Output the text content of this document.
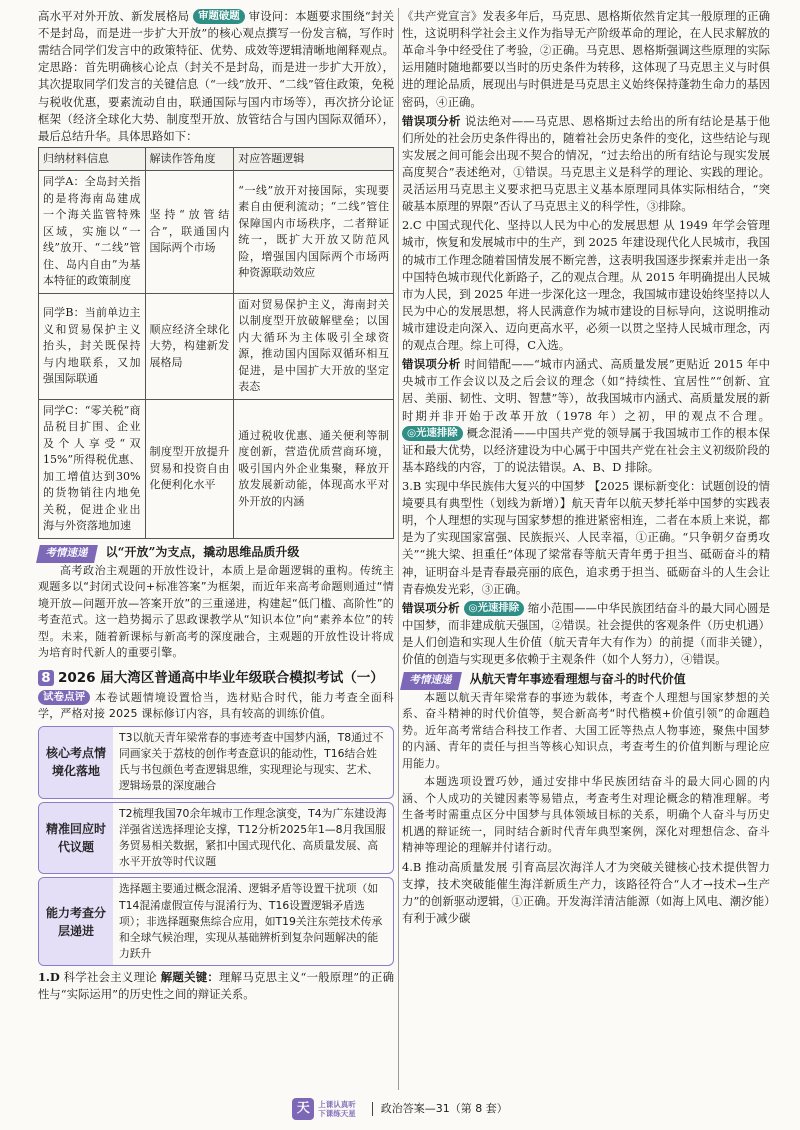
高水平对外开放、新发展格局 审题破题 审设问：本题要求围绕“封关不是封岛，而是进一步扩大开放”的核心观点撰写一份发言稿，写作时需结合同学们发言中的政策特征、优势、成效等逻辑清晰地阐释观点。定思路：首先明确核心论点（封关不是封岛，而是进一步扩大开放），其次提取同学们发言的关键信息（“一线”放开、“二线”管住政策，免税与税收优惠，要素流动自由，联通国际与国内市场等），再次挤分论证框架（经济全球化大势、制度型开放、放管结合与国内国际双循环），最后总结升华。具体思路如下：

归纳材料信息	解读作答角度	对应答题逻辑
同学A：全岛封关指的是将海南岛建成一个海关监管特殊区域，实施以“一线”放开、“二线”管住、岛内自由”为基本特征的政策制度	坚持“放管结合”，联通国内国际两个市场	“一线”放开对接国际，实现要素自由便利流动；“二线”管住保障国内市场秩序，二者辩证统一，既扩大开放又防范风险，增强国内国际两个市场两种资源联动效应
同学B：当前单边主义和贸易保护主义抬头，封关既保持与内地联系，又加强国际联通	顺应经济全球化大势，构建新发展格局	面对贸易保护主义，海南封关以制度型开放破解壁垒；以国内大循环为主体吸引全球资源，推动国内国际双循环相互促进，是中国扩大开放的坚定表态
同学C：“零关税”商品税目扩围、企业及个人享受“双15%”所得税优惠、加工增值达到30%的货物销往内地免关税，促进企业出海与外资落地加速	制度型开放提升贸易和投资自由化便利化水平	通过税收优惠、通关便利等制度创新，营造优质营商环境，吸引国内外企业集聚，释放开放发展新动能，体现高水平对外开放的内涵
考情速递 以“开放”为支点，撬动思维品质升级

高考政治主观题的开放性设计，本质上是命题逻辑的重构。传统主观题多以“封闭式设问+标准答案”为框架，而近年来高考命题则通过“情境开放—问题开放—答案开放”的三重递进，构建起“低门槛、高阶性”的考查范式。这一趋势揭示了思政课教学从“知识本位”向“素养本位”的转型。未来，随着新课标与新高考的深度融合，主观题的开放性设计将成为培育时代新人的重要引擎。

8 2026 届大湾区普通高中毕业年级联合模拟考试（一）

试卷点评 本卷试题情境设置恰当，选材贴合时代，能力考查全面科学，严格对接 2025 课标修订内容，具有较高的训练价值。

核心考点情境化落地
T3以航天青年梁常春的事迹考查中国梦内涵，T8通过不同画家关于荔枝的创作考查意识的能动性，T16结合姓氏与书包颜色考查逻辑思维，实现理论与现实、艺术、逻辑场景的深度融合
精准回应时代议题
T2梳理我国70余年城市工作理念演变，T4为广东建设海洋强省送选择理论支撑，T12分析2025年1—8月我国服务贸易相关数据，紧扣中国式现代化、高质量发展、高水平开放等时代议题
能力考查分层递进
选择题主要通过概念混淆、逻辑矛盾等设置干扰项（如T14混淆虚假宣传与混淆行为、T16设置逻辑矛盾选项）；非选择题聚焦综合应用，如T19关注东莞技术传承和全球气候治理，实现从基础辨析到复杂问题解决的能力跃升

1.D 科学社会主义理论 解题关键：理解马克思主义“一般原理”的正确性与“实际运用”的历史性之间的辩证关系。

《共产党宣言》发表多年后，马克思、恩格斯依然肯定其一般原理的正确性，这说明科学社会主义作为指导无产阶级革命的理论，在人民求解放的革命斗争中经受住了考验，②正确。马克思、恩格斯强调这些原理的实际运用随时随地都要以当时的历史条件为转移，这体现了马克思主义与时俱进的理论品质，展现出与时俱进是马克思主义始终保持蓬勃生命力的基因密码，④正确。

错误项分析 说法绝对——马克思、恩格斯过去给出的所有结论是基于他们所处的社会历史条件得出的，随着社会历史条件的变化，这些结论与现实发展之间可能会出现不契合的情况，“过去给出的所有结论与现实发展高度契合”表述绝对，①错误。马克思主义是科学的理论、实践的理论。灵活运用马克思主义要求把马克思主义基本原理同具体实际相结合，“突破基本原理的界限”否认了马克思主义的科学性，③排除。

2.C 中国式现代化、坚持以人民为中心的发展思想 从 1949 年学会管理城市，恢复和发展城市中的生产，到 2025 年建设现代化人民城市，我国的城市工作理念随着国情发展不断完善，这表明我国逐步探索并走出一条中国特色城市现代化新路子，乙的观点合理。从 2015 年明确提出人民城市为人民，到 2025 年进一步深化这一理念，我国城市建设始终坚持以人民为中心的发展思想，将人民满意作为城市建设的目标导向，这说明推动城市建设走向深入、迈向更高水平，必须一以贯之坚持人民城市理念，丙的观点合理。综上可得，C入选。

错误项分析 时间错配——“城市内涵式、高质量发展”更贴近 2015 年中央城市工作会议以及之后会议的理念（如“持续性、宜居性”“创新、宜居、美丽、韧性、文明、智慧”等），故我国城市内涵式、高质量发展的新时期并非开始于改革开放（1978 年）之初，甲的观点不合理。 ◎光速排除 概念混淆——中国共产党的领导属于我国城市工作的根本保证和最大优势，以经济建设为中心属于中国共产党在社会主义初级阶段的基本路线的内容，丁的说法错误。A、B、D 排除。

3.B 实现中华民族伟大复兴的中国梦 【2025 课标新变化：试题创设的情境要具有典型性（划线为新增）】航天青年以航天梦托举中国梦的实践表明，个人理想的实现与国家梦想的推进紧密相连，二者在本质上来说，都是为了实现国家富强、民族振兴、人民幸福，①正确。“只争朝夕奋勇攻关”“挑大梁、担重任”体现了梁常春等航天青年勇于担当、砥砺奋斗的精神，证明奋斗是青春最亮丽的底色，追求勇于担当、砥砺奋斗的人生会让青春焕发光彩，③正确。

错误项分析 ◎光速排除 缩小范围——中华民族团结奋斗的最大同心圆是中国梦，而非建成航天强国，②错误。社会提供的客观条件（历史机遇）是人们创造和实现人生价值（航天青年大有作为）的前提（而非关键），价值的创造与实现更多依赖于主观条件（如个人努力），④错误。

考情速递 从航天青年事迹看理想与奋斗的时代价值

本题以航天青年梁常春的事迹为载体，考查个人理想与国家梦想的关系、奋斗精神的时代价值等，契合新高考“时代楷模+价值引领”的命题趋势。近年高考常结合科技工作者、大国工匠等热点人物事迹，聚焦中国梦的内涵、青年的责任与担当等核心知识点，考查考生的价值判断与理论应用能力。

本题选项设置巧妙，通过安排中华民族团结奋斗的最大同心圆的内涵、个人成功的关键因素等易错点，考查考生对理论概念的精准理解。考生备考时需重点区分中国梦与具体领域目标的关系，明确个人奋斗与历史机遇的辩证统一，同时结合新时代青年典型案例，深化对理想信念、奋斗精神等理论的理解并付诸行动。

4.B 推动高质量发展 引育高层次海洋人才为突破关键核心技术提供智力支撑，技术突破能催生海洋新质生产力，该路径符合“人才→技术→生产力”的创新驱动逻辑，①正确。开发海洋清洁能源（如海上风电、潮汐能）有利于减少碳

天	上课认真听
下课练天星 政治答案—31（第 8 套）
